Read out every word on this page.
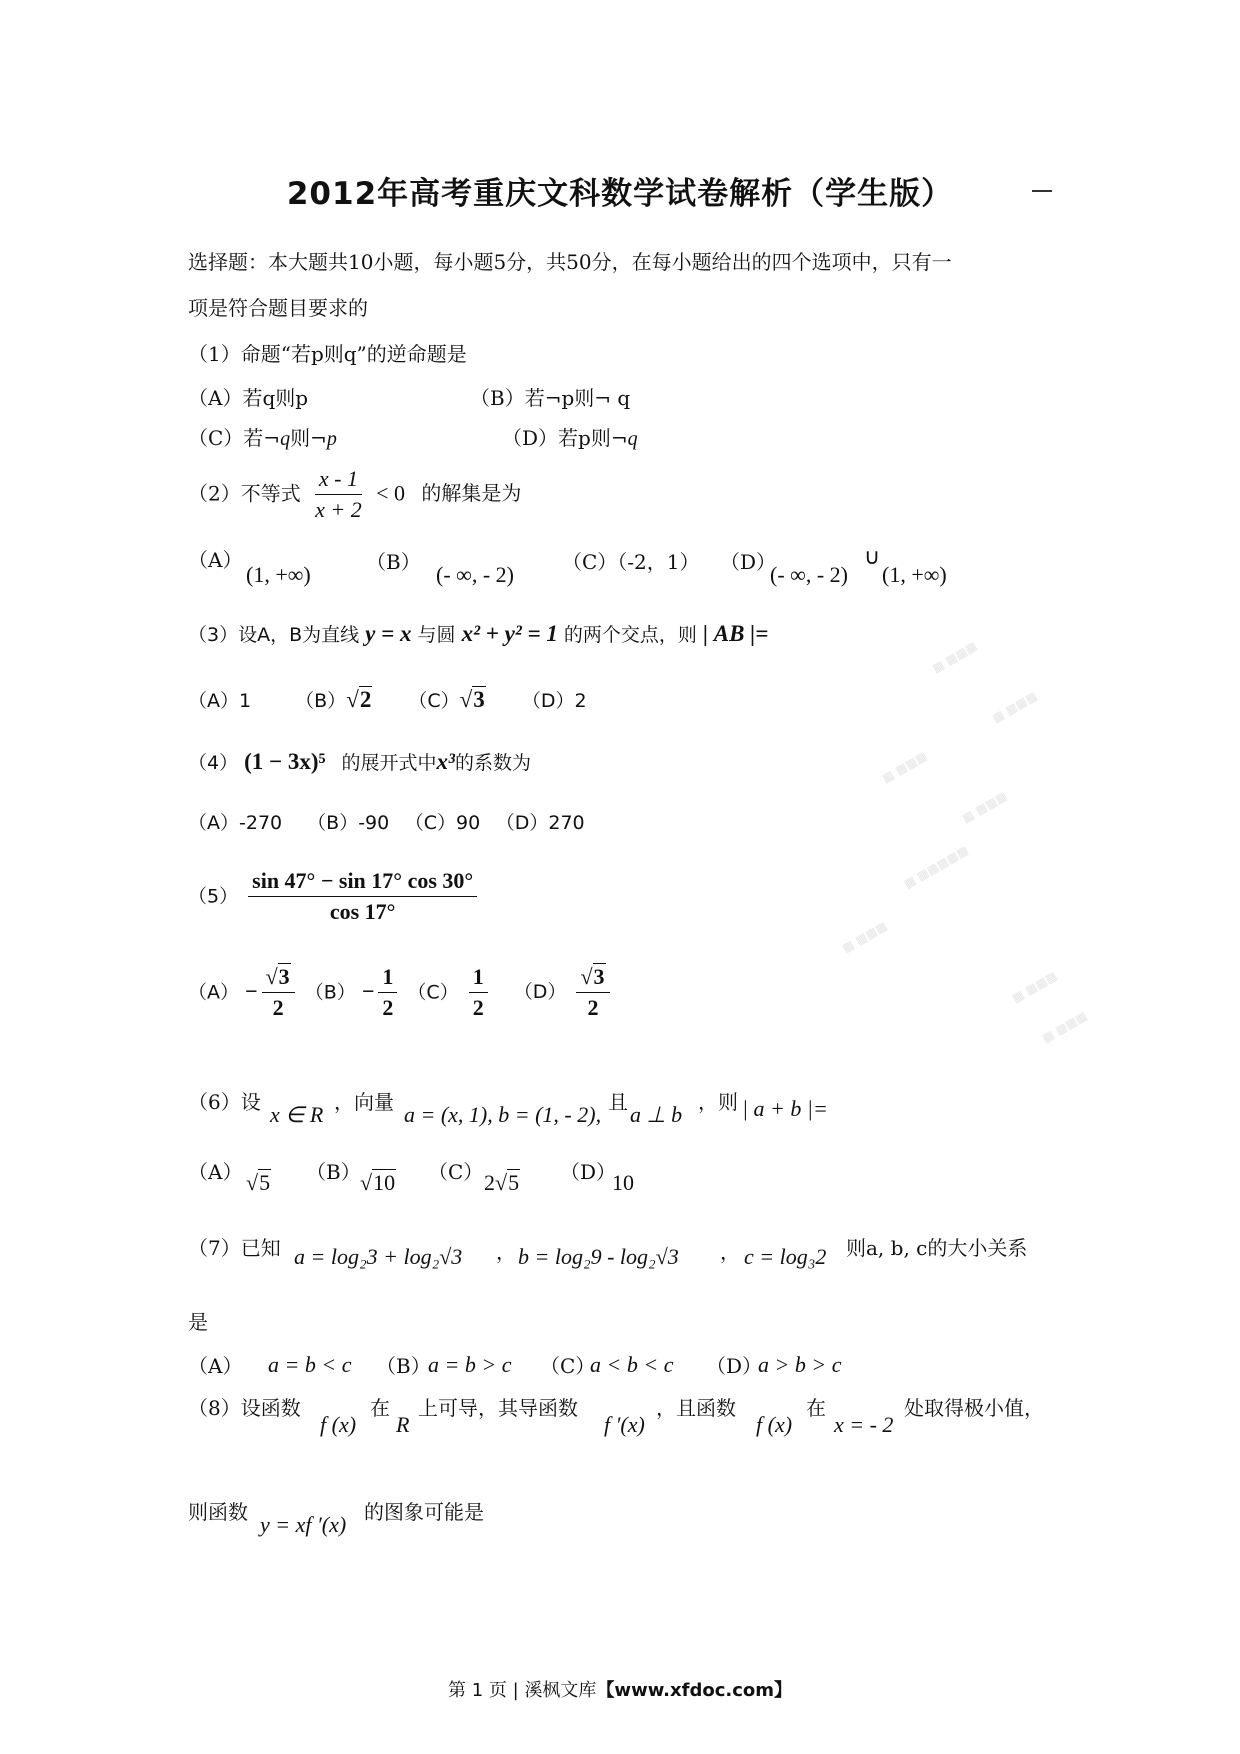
2012年高考重庆文科数学试卷解析（学生版）
选择题：本大题共10小题，每小题5分，共50分，在每小题给出的四个选项中，只有一
项是符合题目要求的
（1）命题“若p则q”的逆命题是
（A）若q则p	（B）若¬p则¬ q
（C）若¬q则¬p	（D）若p则¬q
（2）不等式 $\frac{x - 1}{x + 2} < 0$ 的解集是为
（A）
(1, +∞)	（B） (- ∞, - 2) （C）（-2，1） （D）
(- ∞, - 2)
∪
(1, +∞)
（3）设A，B为直线 y = x 与圆 x² + y² = 1 的两个交点，则 | AB |=
（A）1 （B）√2 （C）√3 （D）2
（4） (1 − 3x)⁵ 的展开式中x³的系数为
（A）-270　 （B）-90 　（C）90 　（D）270
$(5) \frac{\sin 47^\circ - \sin 17^\circ \cos 30^\circ}{\cos 17^\circ}$
$(A) - \frac{√3}{2} (B) - \frac{1}{2} (C) \frac{1}{2} (D) \frac{√3}{2}$
（6）设 x ∈ R ，向量 a = (x, 1), b = (1, - 2), 且 a ⊥ b ，则 | a + b |=
（A） √5 （B） √10 （C） 2√5 （D）
10
（7）已知 a = log₂3 + log₂√3 ， b = log₂9 - log₂√3 ， c = log₃2 则a, b, c的大小关系
是
（A） a = b < c （B）
a = b > c （C）
a < b < c （D）
a > b > c
（8）设函数
f (x)
在
R
上可导，其导函数
f ′(x)
，且函数
f (x)
在
x = - 2
处取得极小值，
则函数 y = xf ′(x) 的图象可能是
▦ ▦▦▦
▦ ▦▦▦
▦ ▦▦▦
▦ ▦▦▦
▦ ▦▦▦▦▦
▦ ▦▦▦
▦ ▦▦▦
▦ ▦▦▦
第 1 页 | 溪枫文库【www.xfdoc.com】
